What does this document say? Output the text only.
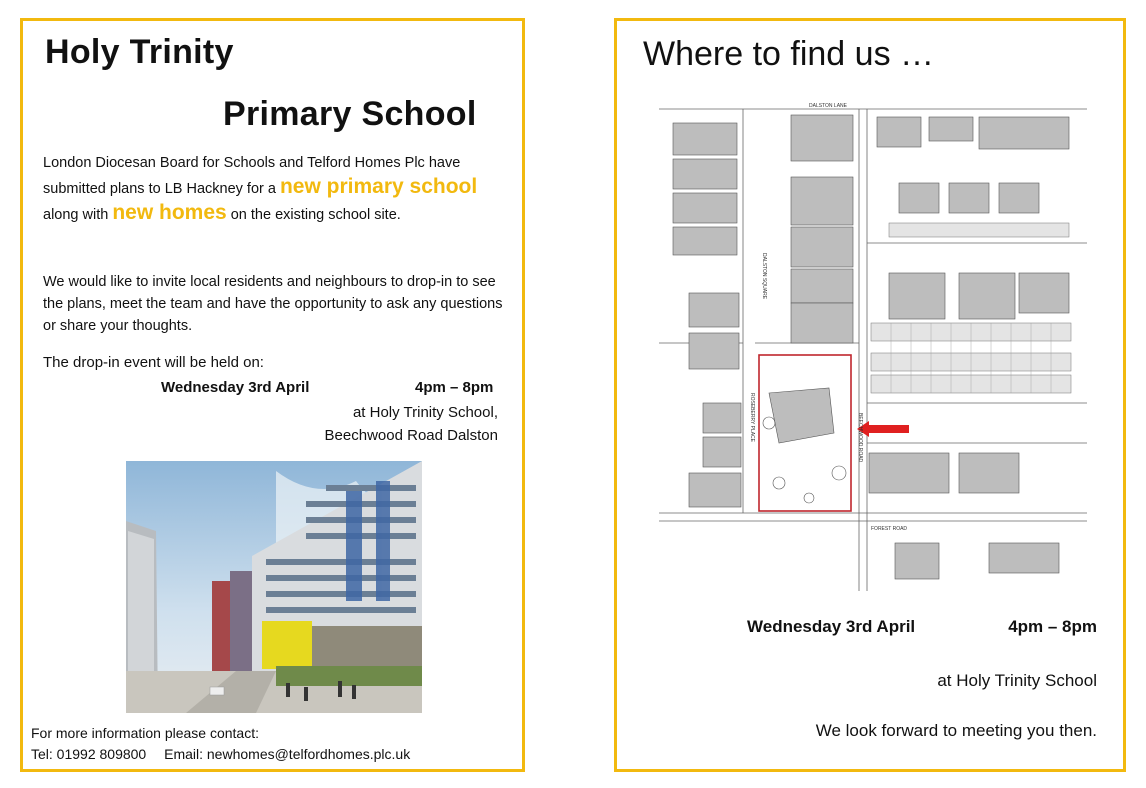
Holy Trinity
Primary School
London Diocesan Board for Schools and Telford Homes Plc have submitted plans to LB Hackney for a new primary school along with new homes on the existing school site.
We would like to invite local residents and neighbours to drop-in to see the plans, meet the team and have the opportunity to ask any questions or share your thoughts.
The drop-in event will be held on:
Wednesday 3rd April	4pm – 8pm
at Holy Trinity School,
Beechwood Road Dalston
For more information please contact:
Tel: 01992 809800 Email: newhomes@telfordhomes.plc.uk
Where to find us …
DALSTON LANE
DALSTON SQUARE
ROSEBERRY PLACE	BEECHWOOD ROAD
FOREST ROAD
Wednesday 3rd April	4pm – 8pm
at Holy Trinity School
We look forward to meeting you then.
